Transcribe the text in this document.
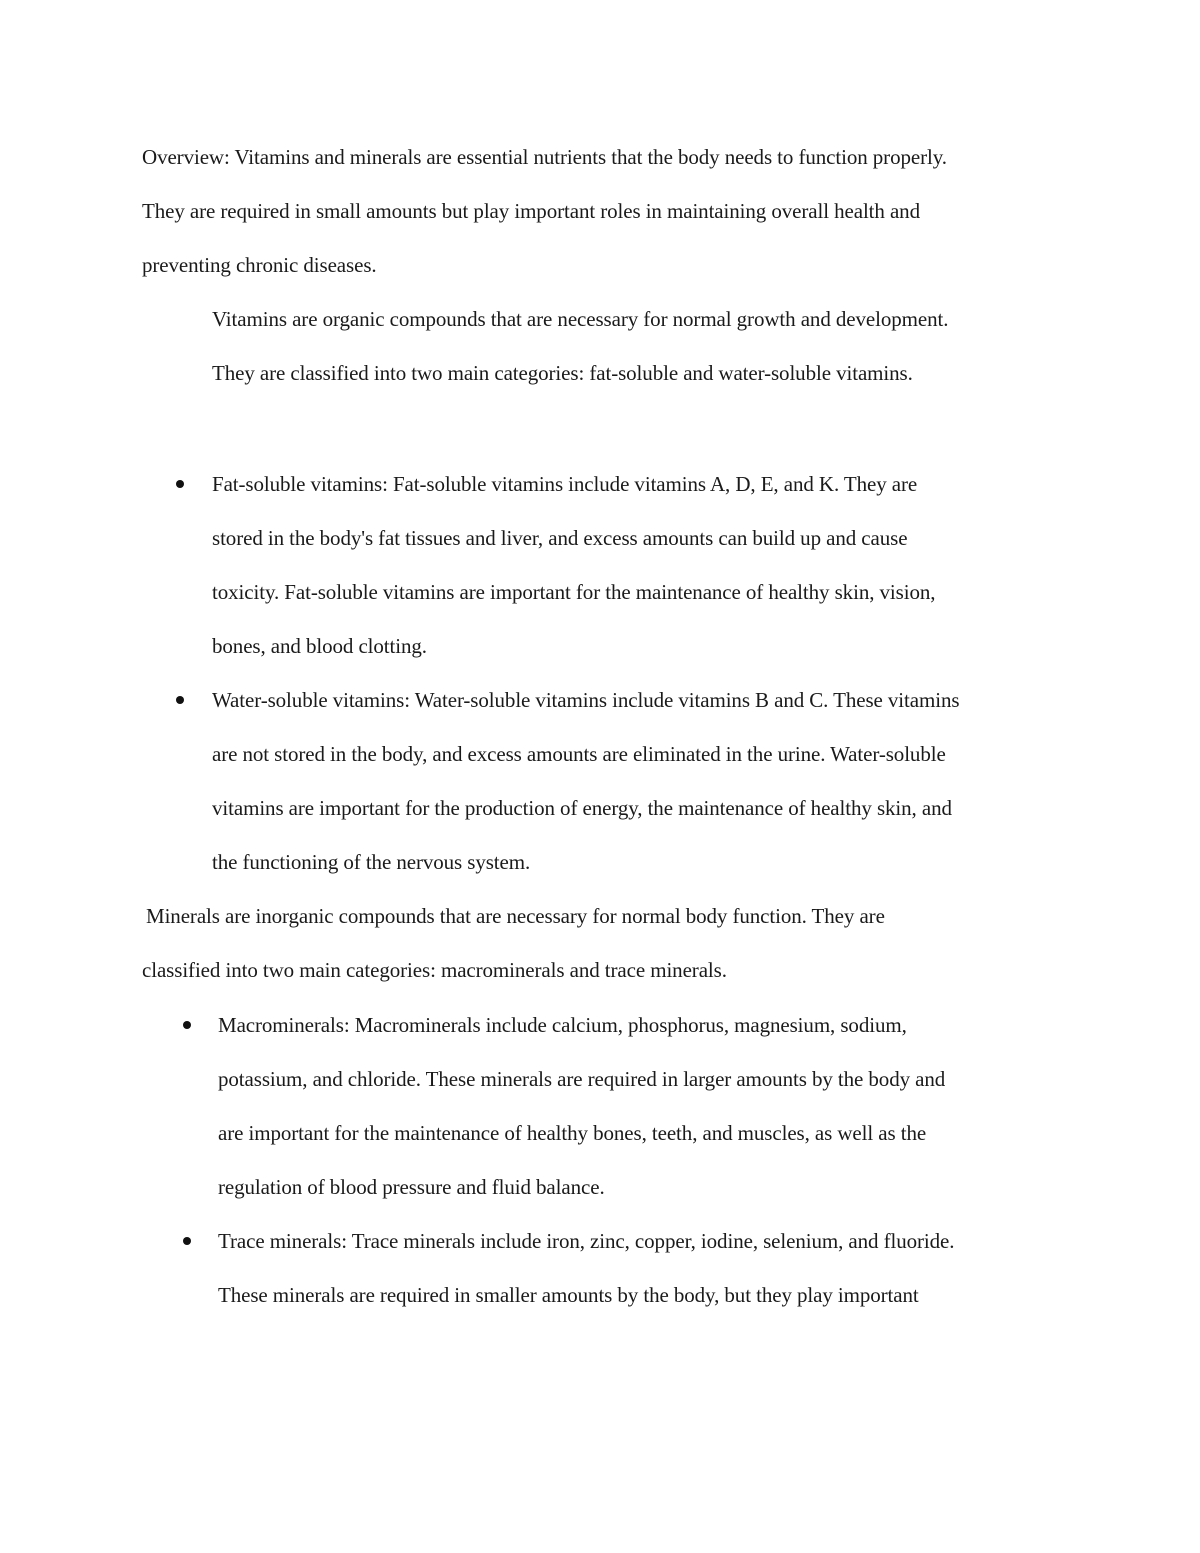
Overview: Vitamins and minerals are essential nutrients that the body needs to function properly.
They are required in small amounts but play important roles in maintaining overall health and
preventing chronic diseases.
Vitamins are organic compounds that are necessary for normal growth and development.
They are classified into two main categories: fat-soluble and water-soluble vitamins.
Fat-soluble vitamins: Fat-soluble vitamins include vitamins A, D, E, and K. They are
stored in the body's fat tissues and liver, and excess amounts can build up and cause
toxicity. Fat-soluble vitamins are important for the maintenance of healthy skin, vision,
bones, and blood clotting.
Water-soluble vitamins: Water-soluble vitamins include vitamins B and C. These vitamins
are not stored in the body, and excess amounts are eliminated in the urine. Water-soluble
vitamins are important for the production of energy, the maintenance of healthy skin, and
the functioning of the nervous system.
Minerals are inorganic compounds that are necessary for normal body function. They are
classified into two main categories: macrominerals and trace minerals.
Macrominerals: Macrominerals include calcium, phosphorus, magnesium, sodium,
potassium, and chloride. These minerals are required in larger amounts by the body and
are important for the maintenance of healthy bones, teeth, and muscles, as well as the
regulation of blood pressure and fluid balance.
Trace minerals: Trace minerals include iron, zinc, copper, iodine, selenium, and fluoride.
These minerals are required in smaller amounts by the body, but they play important
